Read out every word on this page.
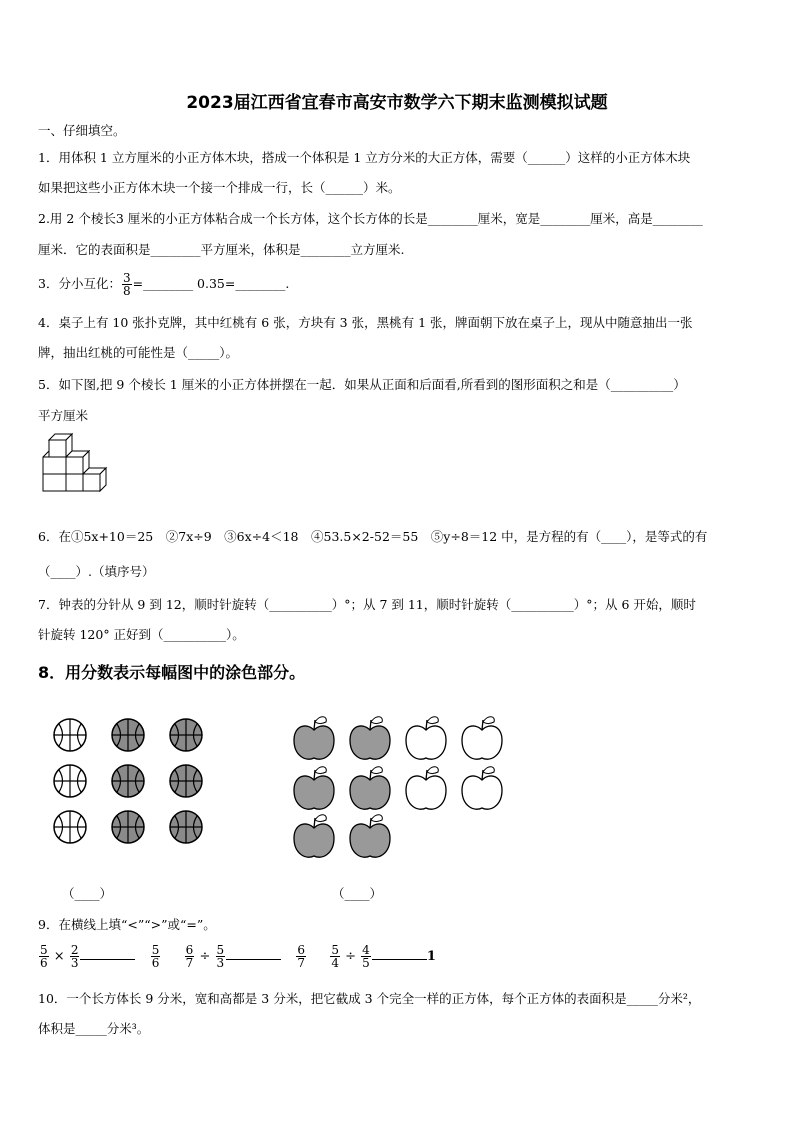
2023届江西省宜春市高安市数学六下期末监测模拟试题
一、仔细填空。
1．用体积 1 立方厘米的小正方体木块，搭成一个体积是 1 立方分米的大正方体，需要（______）这样的小正方体木块
如果把这些小正方体木块一个接一个排成一行，长（______）米。
2.用 2 个棱长3 厘米的小正方体粘合成一个长方体，这个长方体的长是________厘米，宽是________厘米，高是________
厘米．它的表面积是________平方厘米，体积是________立方厘米.
3．分小互化： $\frac{3}{8}$ =________ 0.35=________.
4．桌子上有 10 张扑克牌，其中红桃有 6 张，方块有 3 张，黑桃有 1 张，牌面朝下放在桌子上，现从中随意抽出一张
牌，抽出红桃的可能性是（_____）。
5．如下图,把 9 个棱长 1 厘米的小正方体拼摆在一起．如果从正面和后面看,所看到的图形面积之和是（__________）
平方厘米
6．在①5x+10＝25　②7x÷9　③6x÷4＜18　④53.5×2-52＝55　⑤y÷8＝12 中，是方程的有（____），是等式的有
（____）.（填序号）
7．钟表的分针从 9 到 12，顺时针旋转（__________）°；从 7 到 11，顺时针旋转（__________）°；从 6 开始，顺时
针旋转 120° 正好到（__________）。
8．用分数表示每幅图中的涂色部分。
（____）	（____）
9．在横线上填“<”“>”或“=”。
$\frac{5}{6} \times \frac{2}{3}$
	$\frac{5}{6}$
$\frac{6}{7} \div \frac{5}{3}$
	$\frac{6}{7}$
$\frac{5}{4} \div \frac{4}{5}$	1
10．一个长方体长 9 分米，宽和高都是 3 分米，把它截成 3 个完全一样的正方体，每个正方体的表面积是_____分米²，
体积是_____分米³。
